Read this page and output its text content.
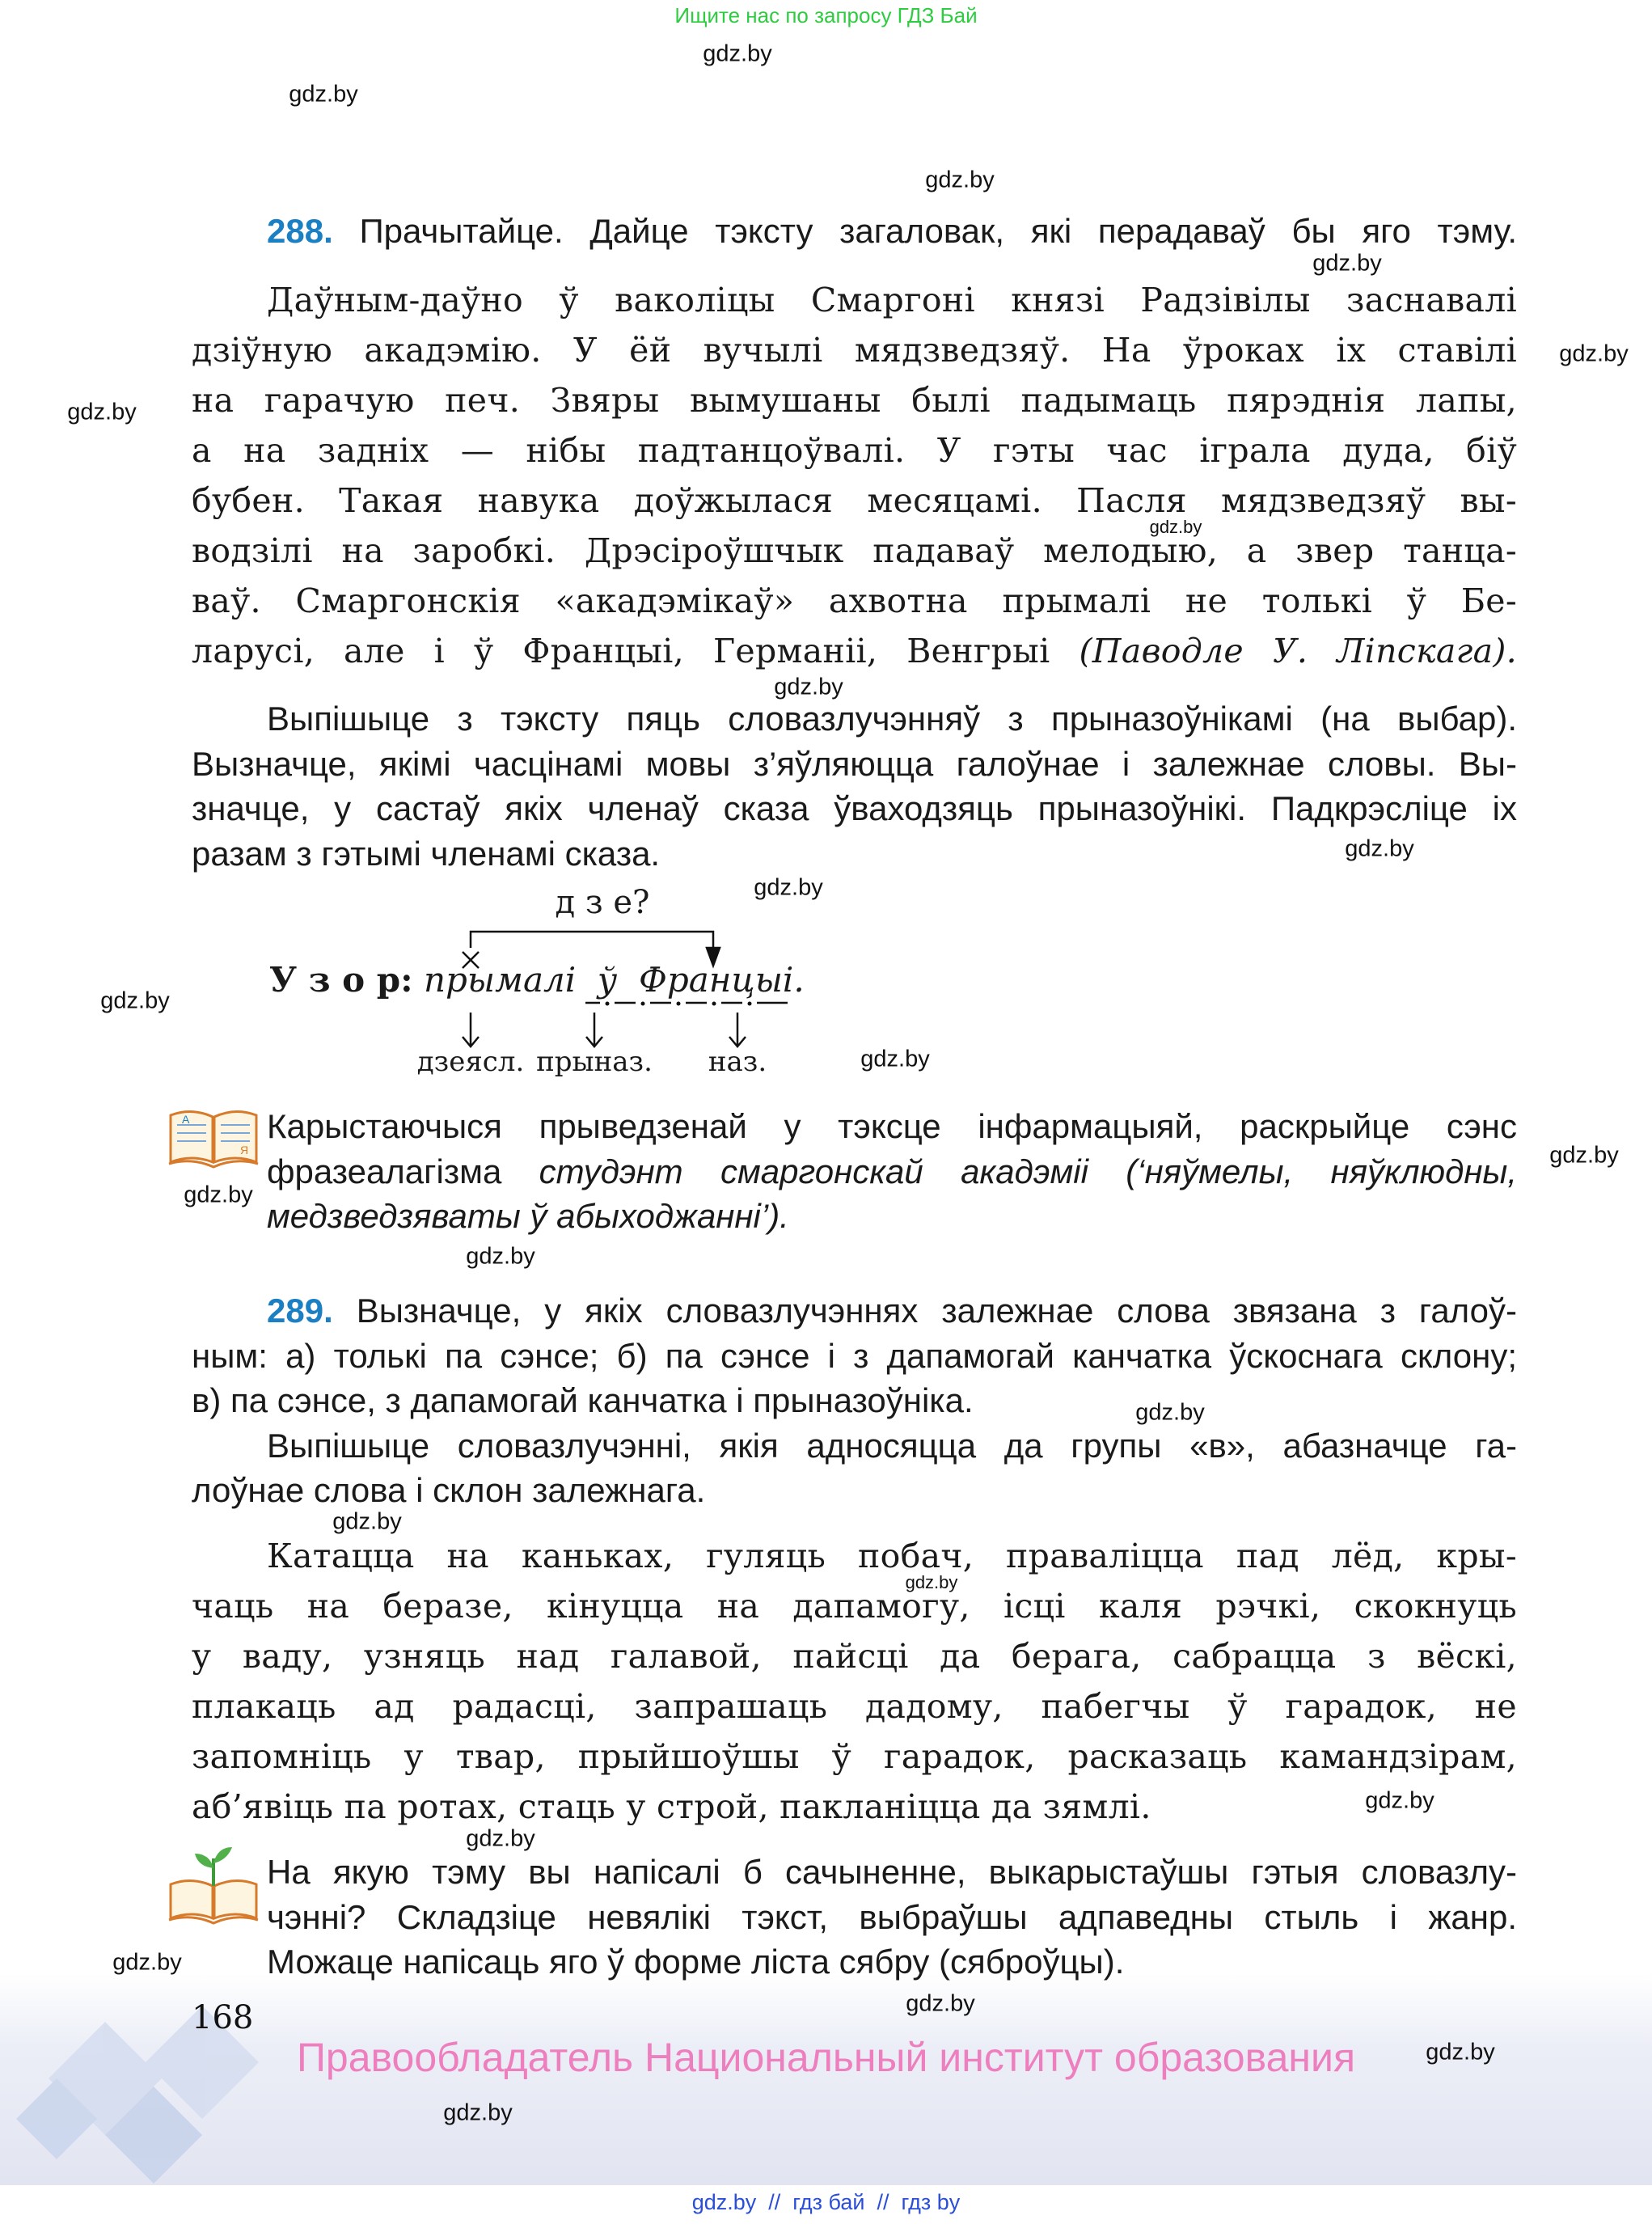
Ищите нас по запросу ГДЗ Бай
gdz.by
gdz.by
gdz.by
gdz.by
gdz.by
gdz.by
gdz.by
gdz.by
gdz.by
gdz.by
gdz.by
gdz.by
gdz.by
gdz.by
gdz.by
gdz.by
gdz.by
gdz.by
gdz.by
gdz.by
gdz.by
gdz.by
gdz.by
gdz.by
288. Прачытайце. Дайце тэксту загаловак, які перадаваў бы яго тэму.
Даўным-даўно ў ваколіцы Смаргоні князі Радзівілы заснавалі
дзіўную акадэмію. У ёй вучылі мядзведзяў. На ўроках іх ставілі
на гарачую печ. Звяры вымушаны былі падымаць пярэднія лапы,
а на задніх — нібы падтанцоўвалі. У гэты час іграла дуда, біў
бубен. Такая навука доўжылася месяцамі. Пасля мядзведзяў вы-
водзілі на заробкі. Дрэсіроўшчык падаваў мелодыю, а звер танца-
ваў. Смаргонскія «акадэмікаў» ахвотна прымалі не толькі ў Бе-
ларусі, але і ў Францыі, Германіі, Венгрыі (Паводле У. Ліпскага).
Выпішыце з тэксту пяць словазлучэнняў з прыназоўнікамі (на выбар).
Вызначце, якімі часцінамі мовы з’яўляюцца галоўнае і залежнае словы. Вы-
значце, у састаў якіх членаў сказа ўваходзяць прыназоўнікі. Падкрэсліце іх
разам з гэтымі членамі сказа.
д з е?
У з о р: прымалі ў Францыі.
дзеясл. прыназ. наз.
А
Я
Карыстаючыся прыведзенай у тэксце інфармацыяй, раскрыйце сэнс
фразеалагізма студэнт смаргонскай акадэміі (‘няўмелы, няўклюдны,
медзведзяваты ў абыходжанні’).
289. Вызначце, у якіх словазлучэннях залежнае слова звязана з галоў-
ным: а) толькі па сэнсе; б) па сэнсе і з дапамогай канчатка ўскоснага склону;
в) па сэнсе, з дапамогай канчатка і прыназоўніка.
Выпішыце словазлучэнні, якія адносяцца да групы «в», абазначце га-
лоўнае слова і склон залежнага.
Катацца на каньках, гуляць побач, праваліцца пад лёд, кры-
чаць на беразе, кінуцца на дапамогу, ісці каля рэчкі, скокнуць
у ваду, узняць над галавой, пайсці да берага, сабрацца з вёскі,
плакаць ад радасці, запрашаць дадому, пабегчы ў гарадок, не
запомніць у твар, прыйшоўшы ў гарадок, расказаць камандзірам,
аб’явіць па ротах, стаць у строй, пакланіцца да зямлі.
На якую тэму вы напісалі б сачыненне, выкарыстаўшы гэтыя словазлу-
чэнні? Складзіце невялікі тэкст, выбраўшы адпаведны стыль і жанр.
Можаце напісаць яго ў форме ліста сябру (сяброўцы).
168
Правообладатель Национальный институт образования
gdz.by  //  гдз бай  //  гдз by
